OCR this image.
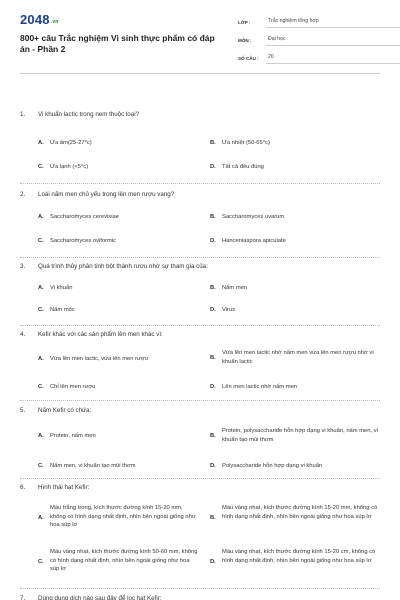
2048.vn
800+ câu Trắc nghiệm Vi sinh thực phẩm có đáp án - Phần 2
LỚP :	Trắc nghiệm tổng hợp
MÔN :	Đại học
SỐ CÂU :	20
1. Vi khuẩn lactic trong nem thuộc loại?
A. Ưa ấm(25-27°c)	B. Ưa nhiệt (50-65°c)
C. Ưa lạnh (<5°c)	D. Tất cả đều đúng
2. Loài nấm men chủ yếu trong lên men rượu vang?
A. Saccharomyces cerevisiae	B. Saccharomyces uvarum
C. Saccharomyces oviformic	D. Hanceniaspora apiculate
3. Quá trình thủy phân tinh bột thành rượu nhờ sự tham gia của:
A. Vi khuẩn	B. Nấm men
C. Nấm mốc	D. Virus
4. Kefir khác với các sản phẩm lên men khác vì:
A. Vừa lên men lactic, vừa lên men rượu	B.
Vừa lên men lactic nhờ nấm men vừa lên men rượu nhờ vi khuẩn lactic
C. Chỉ lên men rượu	D. Lên men lactic nhờ nấm men
5. Nấm Kefir có chứa:
A. Protein, nấm men	B.
Protein, polysaccharide hỗn hợp dạng vi khuẩn, nấm men, vi khuẩn tạo mùi thơm
C. Nấm men, vi khuẩn tạo mùi thơm	D. Polysaccharide hỗn hợp dạng vi khuẩn
6. Hình thái hạt Kefir:
A.
Màu trắng trong, kích thước đường kính 15-20 mm, không có hình dạng nhất định, nhìn bên ngoài giống như hoa súp lơ
B.
Màu vàng nhạt, kích thước đường kính 15-20 mm, không có hình dạng nhất định, nhìn bên ngoài giống như hoa súp lơ
C.
Màu vàng nhạt, kích thước đường kính 50-60 mm, không có hình dạng nhất định, nhìn bên ngoài giống như hoa súp lơ
D.
Màu vàng nhạt, kích thước đường kính 15-20 cm, không có hình dạng nhất định, nhìn bên ngoài giống như hoa súp lơ
7. Dùng dung dịch nào sau đây để lọc hạt Kefir:
